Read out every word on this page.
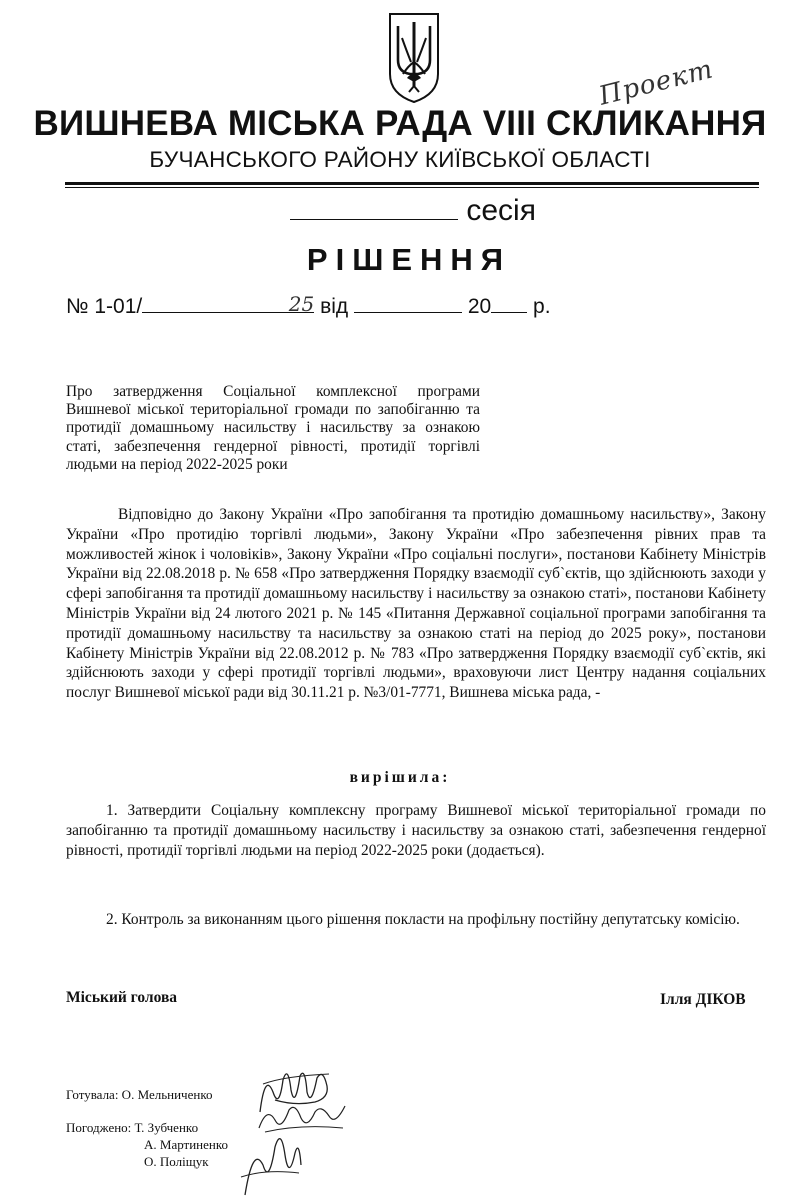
Проект
ВИШНЕВА МІСЬКА РАДА VIII СКЛИКАННЯ
БУЧАНСЬКОГО РАЙОНУ КИЇВСЬКОЇ ОБЛАСТІ
сесія
РІШЕННЯ
№ 1-01/	25 від	20 р.
Про затвердження Соціальної комплексної програми Вишневої міської територіальної громади по запобіганню та протидії домашньому насильству і насильству за ознакою статі, забезпечення гендерної рівності, протидії торгівлі людьми на період 2022-2025 роки
Відповідно до Закону України «Про запобігання та протидію домашньому насильству», Закону України «Про протидію торгівлі людьми», Закону України «Про забезпечення рівних прав та можливостей жінок і чоловіків», Закону України «Про соціальні послуги», постанови Кабінету Міністрів України від 22.08.2018 р. № 658 «Про затвердження Порядку взаємодії суб`єктів, що здійснюють заходи у сфері запобігання та протидії домашньому насильству і насильству за ознакою статі», постанови Кабінету Міністрів України від 24 лютого 2021 р. № 145 «Питання Державної соціальної програми запобігання та протидії домашньому насильству та насильству за ознакою статі на період до 2025 року», постанови Кабінету Міністрів України від 22.08.2012 р. № 783 «Про затвердження Порядку взаємодії суб`єктів, які здійснюють заходи у сфері протидії торгівлі людьми», враховуючи лист Центру надання соціальних послуг Вишневої міської ради від 30.11.21 р. №3/01-7771, Вишнева міська рада, -
вирішила:
1. Затвердити Соціальну комплексну програму Вишневої міської територіальної громади по запобіганню та протидії домашньому насильству і насильству за ознакою статі, забезпечення гендерної рівності, протидії торгівлі людьми на період 2022-2025 роки (додається).
2. Контроль за виконанням цього рішення покласти на профільну постійну депутатську комісію.
Міський голова	Ілля ДІКОВ
Готувала: О. Мельниченко
Погоджено: Т. Зубченко
А. Мартиненко
О. Поліщук
